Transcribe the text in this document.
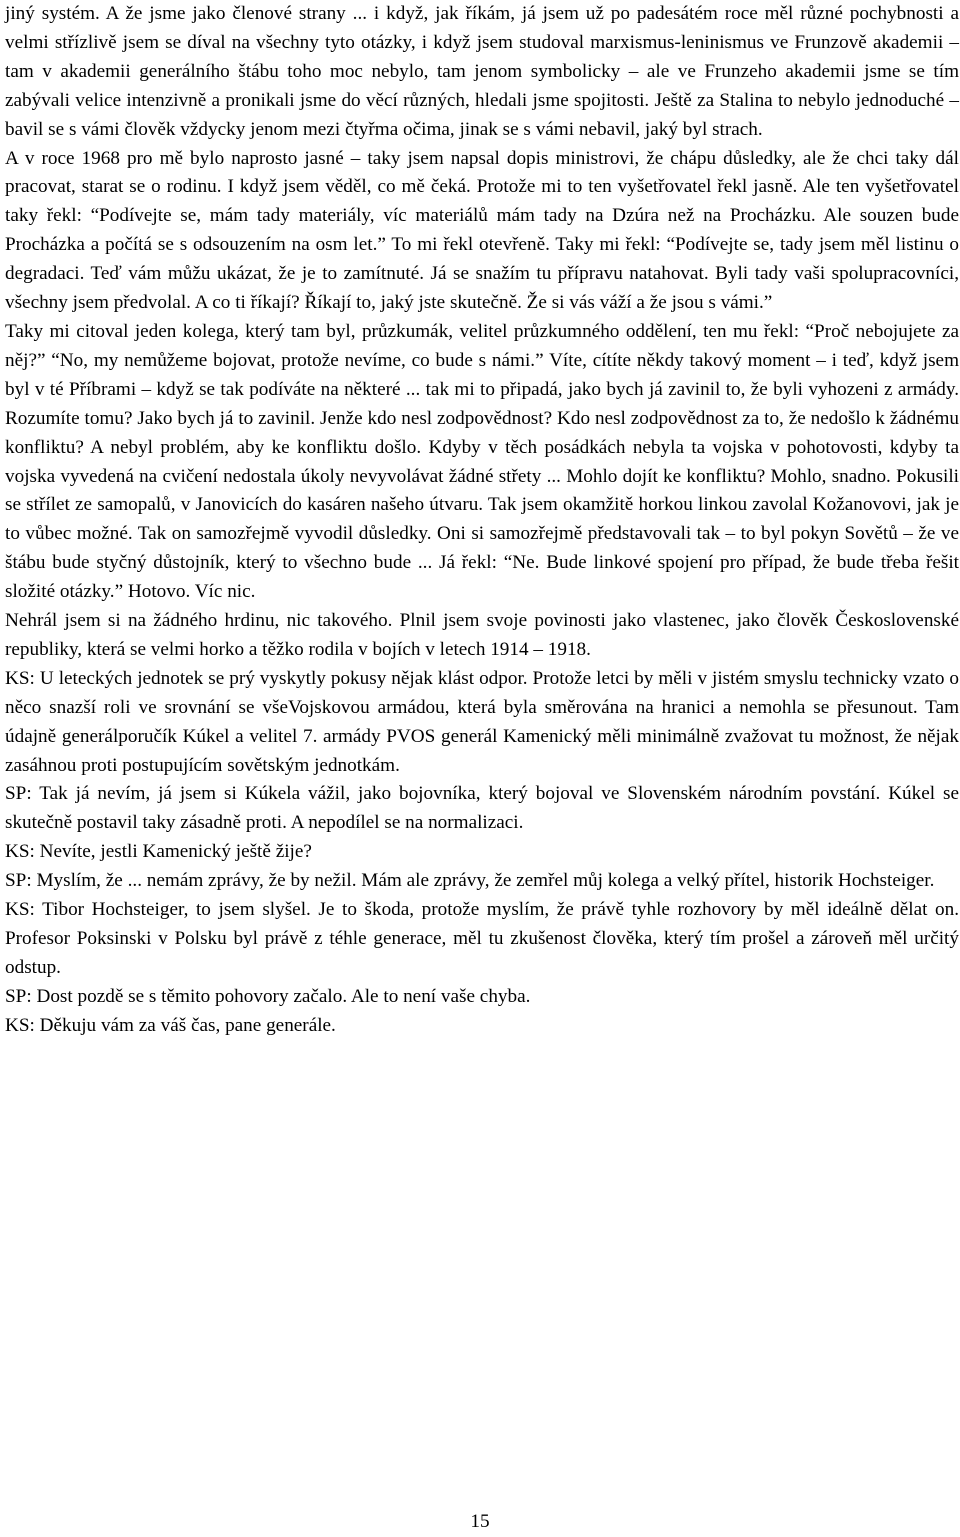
jiný systém. A že jsme jako členové strany ... i když, jak říkám, já jsem už po padesátém roce měl různé pochybnosti a velmi střízlivě jsem se díval na všechny tyto otázky, i když jsem studoval marxismus-leninismus ve Frunzově akademii – tam v akademii generálního štábu toho moc nebylo, tam jenom symbolicky – ale ve Frunzeho akademii jsme se tím zabývali velice intenzivně a pronikali jsme do věcí různých, hledali jsme spojitosti. Ještě za Stalina to nebylo jednoduché – bavil se s vámi člověk vždycky jenom mezi čtyřma očima, jinak se s vámi nebavil, jaký byl strach.

A v roce 1968 pro mě bylo naprosto jasné – taky jsem napsal dopis ministrovi, že chápu důsledky, ale že chci taky dál pracovat, starat se o rodinu. I když jsem věděl, co mě čeká. Protože mi to ten vyšetřovatel řekl jasně. Ale ten vyšetřovatel taky řekl: “Podívejte se, mám tady materiály, víc materiálů mám tady na Dzúra než na Procházku. Ale souzen bude Procházka a počítá se s odsouzením na osm let.” To mi řekl otevřeně. Taky mi řekl: “Podívejte se, tady jsem měl listinu o degradaci. Teď vám můžu ukázat, že je to zamítnuté. Já se snažím tu přípravu natahovat. Byli tady vaši spolupracovníci, všechny jsem předvolal. A co ti říkají? Říkají to, jaký jste skutečně. Že si vás váží a že jsou s vámi.”

Taky mi citoval jeden kolega, který tam byl, průzkumák, velitel průzkumného oddělení, ten mu řekl: “Proč nebojujete za něj?” “No, my nemůžeme bojovat, protože nevíme, co bude s námi.” Víte, cítíte někdy takový moment – i teď, když jsem byl v té Příbrami – když se tak podíváte na některé ... tak mi to připadá, jako bych já zavinil to, že byli vyhozeni z armády. Rozumíte tomu? Jako bych já to zavinil. Jenže kdo nesl zodpovědnost? Kdo nesl zodpovědnost za to, že nedošlo k žádnému konfliktu? A nebyl problém, aby ke konfliktu došlo. Kdyby v těch posádkách nebyla ta vojska v pohotovosti, kdyby ta vojska vyvedená na cvičení nedostala úkoly nevyvolávat žádné střety ... Mohlo dojít ke konfliktu? Mohlo, snadno. Pokusili se střílet ze samopalů, v Janovicích do kasáren našeho útvaru. Tak jsem okamžitě horkou linkou zavolal Kožanovovi, jak je to vůbec možné. Tak on samozřejmě vyvodil důsledky. Oni si samozřejmě představovali tak – to byl pokyn Sovětů – že ve štábu bude styčný důstojník, který to všechno bude ... Já řekl: “Ne. Bude linkové spojení pro případ, že bude třeba řešit složité otázky.” Hotovo. Víc nic.

Nehrál jsem si na žádného hrdinu, nic takového. Plnil jsem svoje povinosti jako vlastenec, jako člověk Československé republiky, která se velmi horko a těžko rodila v bojích v letech 1914 – 1918.

KS: U leteckých jednotek se prý vyskytly pokusy nějak klást odpor. Protože letci by měli v jistém smyslu technicky vzato o něco snazší roli ve srovnání se všeVojskovou armádou, která byla směrována na hranici a nemohla se přesunout. Tam údajně generálporučík Kúkel a velitel 7. armády PVOS generál Kamenický měli minimálně zvažovat tu možnost, že nějak zasáhnou proti postupujícím sovětským jednotkám.

SP: Tak já nevím, já jsem si Kúkela vážil, jako bojovníka, který bojoval ve Slovenském národním povstání. Kúkel se skutečně postavil taky zásadně proti. A nepodílel se na normalizaci.

KS: Nevíte, jestli Kamenický ještě žije?

SP: Myslím, že ... nemám zprávy, že by nežil. Mám ale zprávy, že zemřel můj kolega a velký přítel, historik Hochsteiger.

KS: Tibor Hochsteiger, to jsem slyšel. Je to škoda, protože myslím, že právě tyhle rozhovory by měl ideálně dělat on. Profesor Poksinski v Polsku byl právě z téhle generace, měl tu zkušenost člověka, který tím prošel a zároveň měl určitý odstup.

SP: Dost pozdě se s těmito pohovory začalo. Ale to není vaše chyba.

KS: Děkuju vám za váš čas, pane generále.

15
